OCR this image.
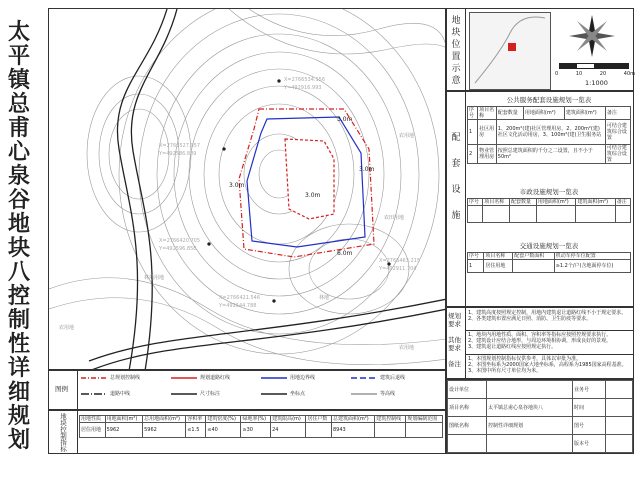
太
平
镇
总
甫
心
泉
谷
地
块
八
控
制
性
详
细
规
划
X=2766534.156
Y=492916.993
X=2766527.957
Y=492586.889
X=2766420.705
Y=492596.858
X=2766463.215
Y=492911.704
X=2766421.546
Y=492644.788
3.0m
3.0m
3.0m
3.0m
6.0m
农用地
农田用地
林地用地
农用地
林地
农用地
地
块
位
置
示
意
0	10	20	40m
1:1000
配
套
设
施
公共服务配套设施规划一览表
序号	项目名称	配套数量	用地面积(m²)	建筑面积(m²)	备注
1	社区用房	1、200m²(建)社区管理用房，2、200m²(建)社区文化活动用房，3、100m²(建)卫生服务站			可结合建筑综合设置
2	物业管理用房	按照总建筑面积的千分之二设置，且不小于50m²			可结合建筑综合设置
市政设施规划一览表
序号	项目名称	配套数量	用地面积(m²)	建筑面积(m²)	备注

交通设施规划一览表
序号	项目名称	配套户数面积	机动车停车位配置
1	居住用地		≥1.2个/户(含地面停车位)
规划要求
其他要求
备注
1、建筑高度按照规定控制，用地内建筑退让道路红线不小于规定要求。
2、各类建筑布置应满足日照、消防、卫生防疫等要求。
1、地块内用地性质、面积、容积率等指标应按照控规要求执行。
2、建筑设计应结合地形，与周边环境相协调，形成良好的景观。
3、建筑退让道路红线应按照规定执行。
1、本图规划控制指标仅供参考，具体以审批为准。
2、本图坐标系为2000国家大地坐标系，高程系为1985国家高程基准。
3、本图中所有尺寸单位均为米。
图例
总规划控制线	规划道路红线	用地边界线	建筑后退线
道路中线	尺寸标注	坐标点	等高线
地块控制指标	用地性质	用地面积(m²)	总用地面积(m²)	容积率	建筑密度(%)	绿地率(%)	建筑限高(m)	居住户数	总建筑面积(m²)	建筑控制线	规划编制范围
居住用地	5962	5962	≤1.5	≤40	≥30	24		8943		
设计单位		业务号	
项目名称	太平镇总甫心泉谷地块八	时间	
图纸名称	控制性详细规划	图号	
		版本号	
